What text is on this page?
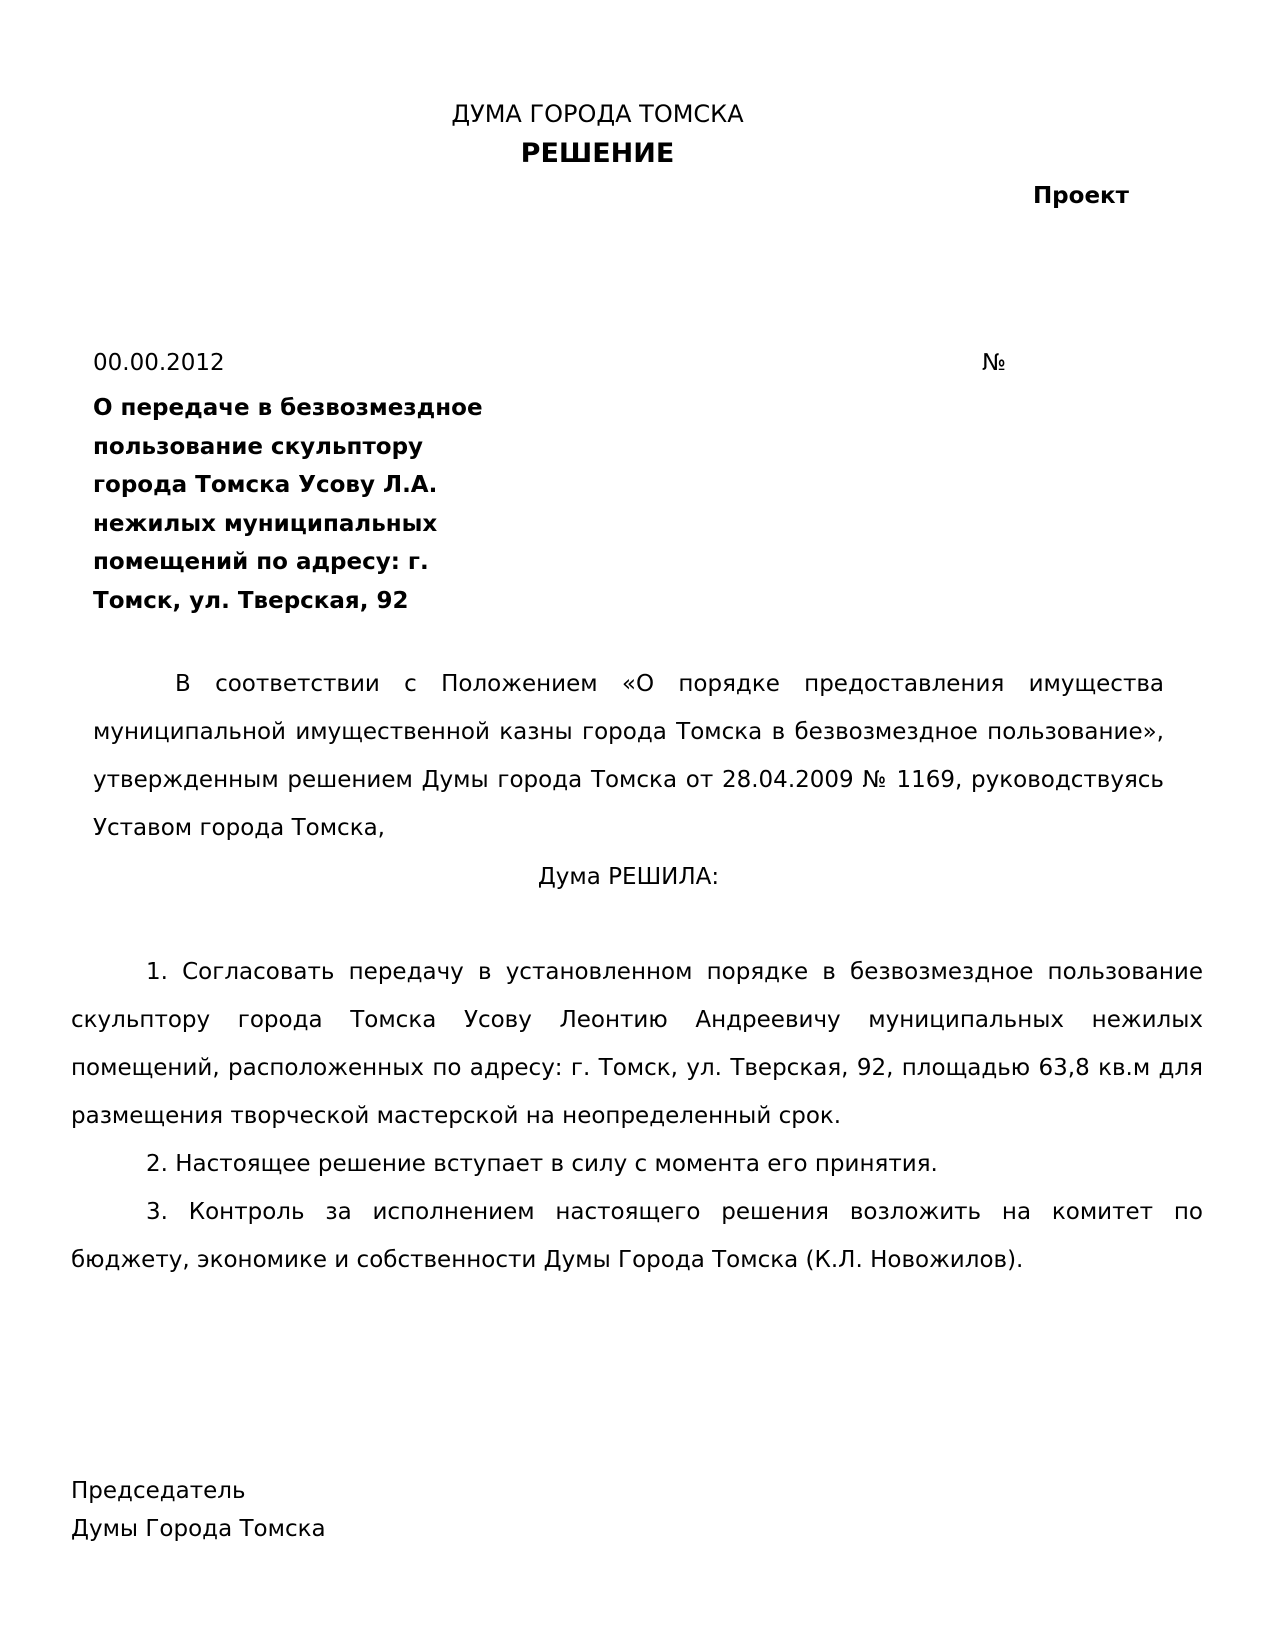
ДУМА ГОРОДА ТОМСКА
РЕШЕНИЕ
Проект
00.00.2012	№
О передаче в безвозмездное
пользование скульптору
города Томска Усову Л.А.
нежилых муниципальных
помещений по адресу: г.
Томск, ул. Тверская, 92

В соответствии с Положением «О порядке предоставления имущества муниципальной имущественной казны города Томска в безвозмездное пользование», утвержденным решением Думы города Томска от 28.04.2009 № 1169, руководствуясь Уставом города Томска,

Дума РЕШИЛА:

1. Согласовать передачу в установленном порядке в безвозмездное пользование скульптору города Томска Усову Леонтию Андреевичу муниципальных нежилых помещений, расположенных по адресу: г. Томск, ул. Тверская, 92, площадью 63,8 кв.м для размещения творческой мастерской на неопределенный срок.

2. Настоящее решение вступает в силу с момента его принятия.

3. Контроль за исполнением настоящего решения возложить на комитет по бюджету, экономике и собственности Думы Города Томска (К.Л. Новожилов).

Председатель
Думы Города Томска
